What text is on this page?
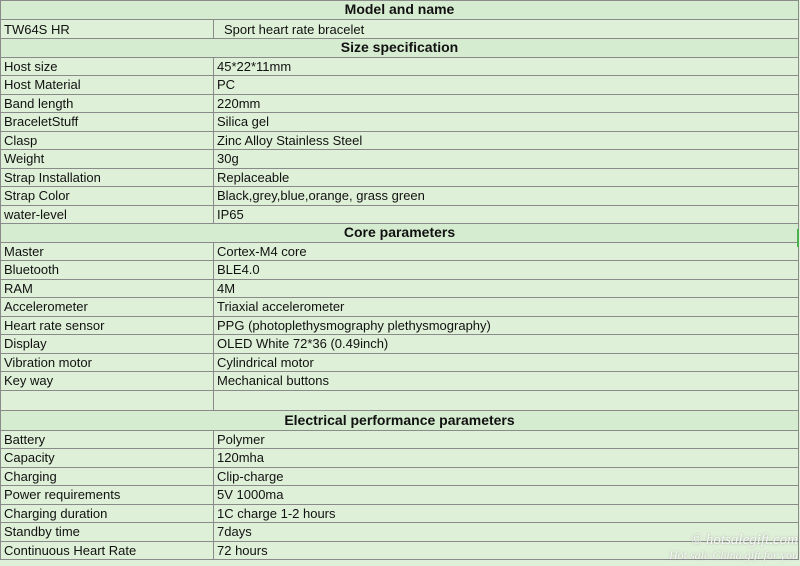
Model and name	
TW64S HR	Sport heart rate bracelet
Size specification	
Host size	45*22*11mm
Host Material	PC
Band length	220mm
BraceletStuff	Silica gel
Clasp	Zinc Alloy Stainless Steel
Weight	30g
Strap Installation	Replaceable
Strap Color	Black,grey,blue,orange, grass green
water-level	IP65
Core parameters	
Master	Cortex-M4 core
Bluetooth	BLE4.0
RAM	4M
Accelerometer	Triaxial accelerometer
Heart rate sensor	PPG (photoplethysmography plethysmography)
Display	OLED White 72*36 (0.49inch)
Vibration motor	Cylindrical motor
Key way	Mechanical buttons

Electrical performance parameters	
Battery	Polymer
Capacity	120mha
Charging	Clip-charge
Power requirements	5V 1000ma
Charging duration	1C charge 1-2 hours
Standby time	7days
Continuous Heart Rate	72 hours
© hotsalegift.com
Hot sale China gift for you
